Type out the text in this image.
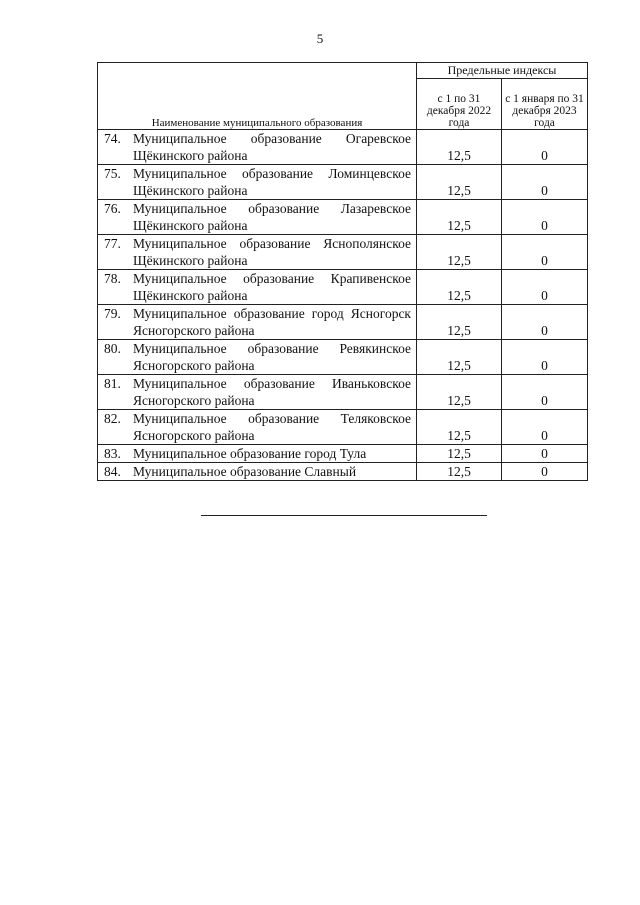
5
Наименование муниципального образования	Предельные индексы	
	с 1 по 31 декабря 2022 года	с 1 января по 31 декабря 2023 года

74. Муниципальное образование Огаревское Щёкинского района	12,5	0

75. Муниципальное образование Ломинцевское Щёкинского района	12,5	0

76. Муниципальное образование Лазаревское Щёкинского района	12,5	0

77. Муниципальное образование Яснополянское Щёкинского района	12,5	0

78. Муниципальное образование Крапивенское Щёкинского района	12,5	0

79. Муниципальное образование город Ясногорск Ясногорского района	12,5	0

80. Муниципальное образование Ревякинское Ясногорского района	12,5	0

81. Муниципальное образование Иваньковское Ясногорского района	12,5	0

82. Муниципальное образование Теляковское Ясногорского района	12,5	0

83. Муниципальное образование город Тула	12,5	0

84. Муниципальное образование Славный	12,5	0
